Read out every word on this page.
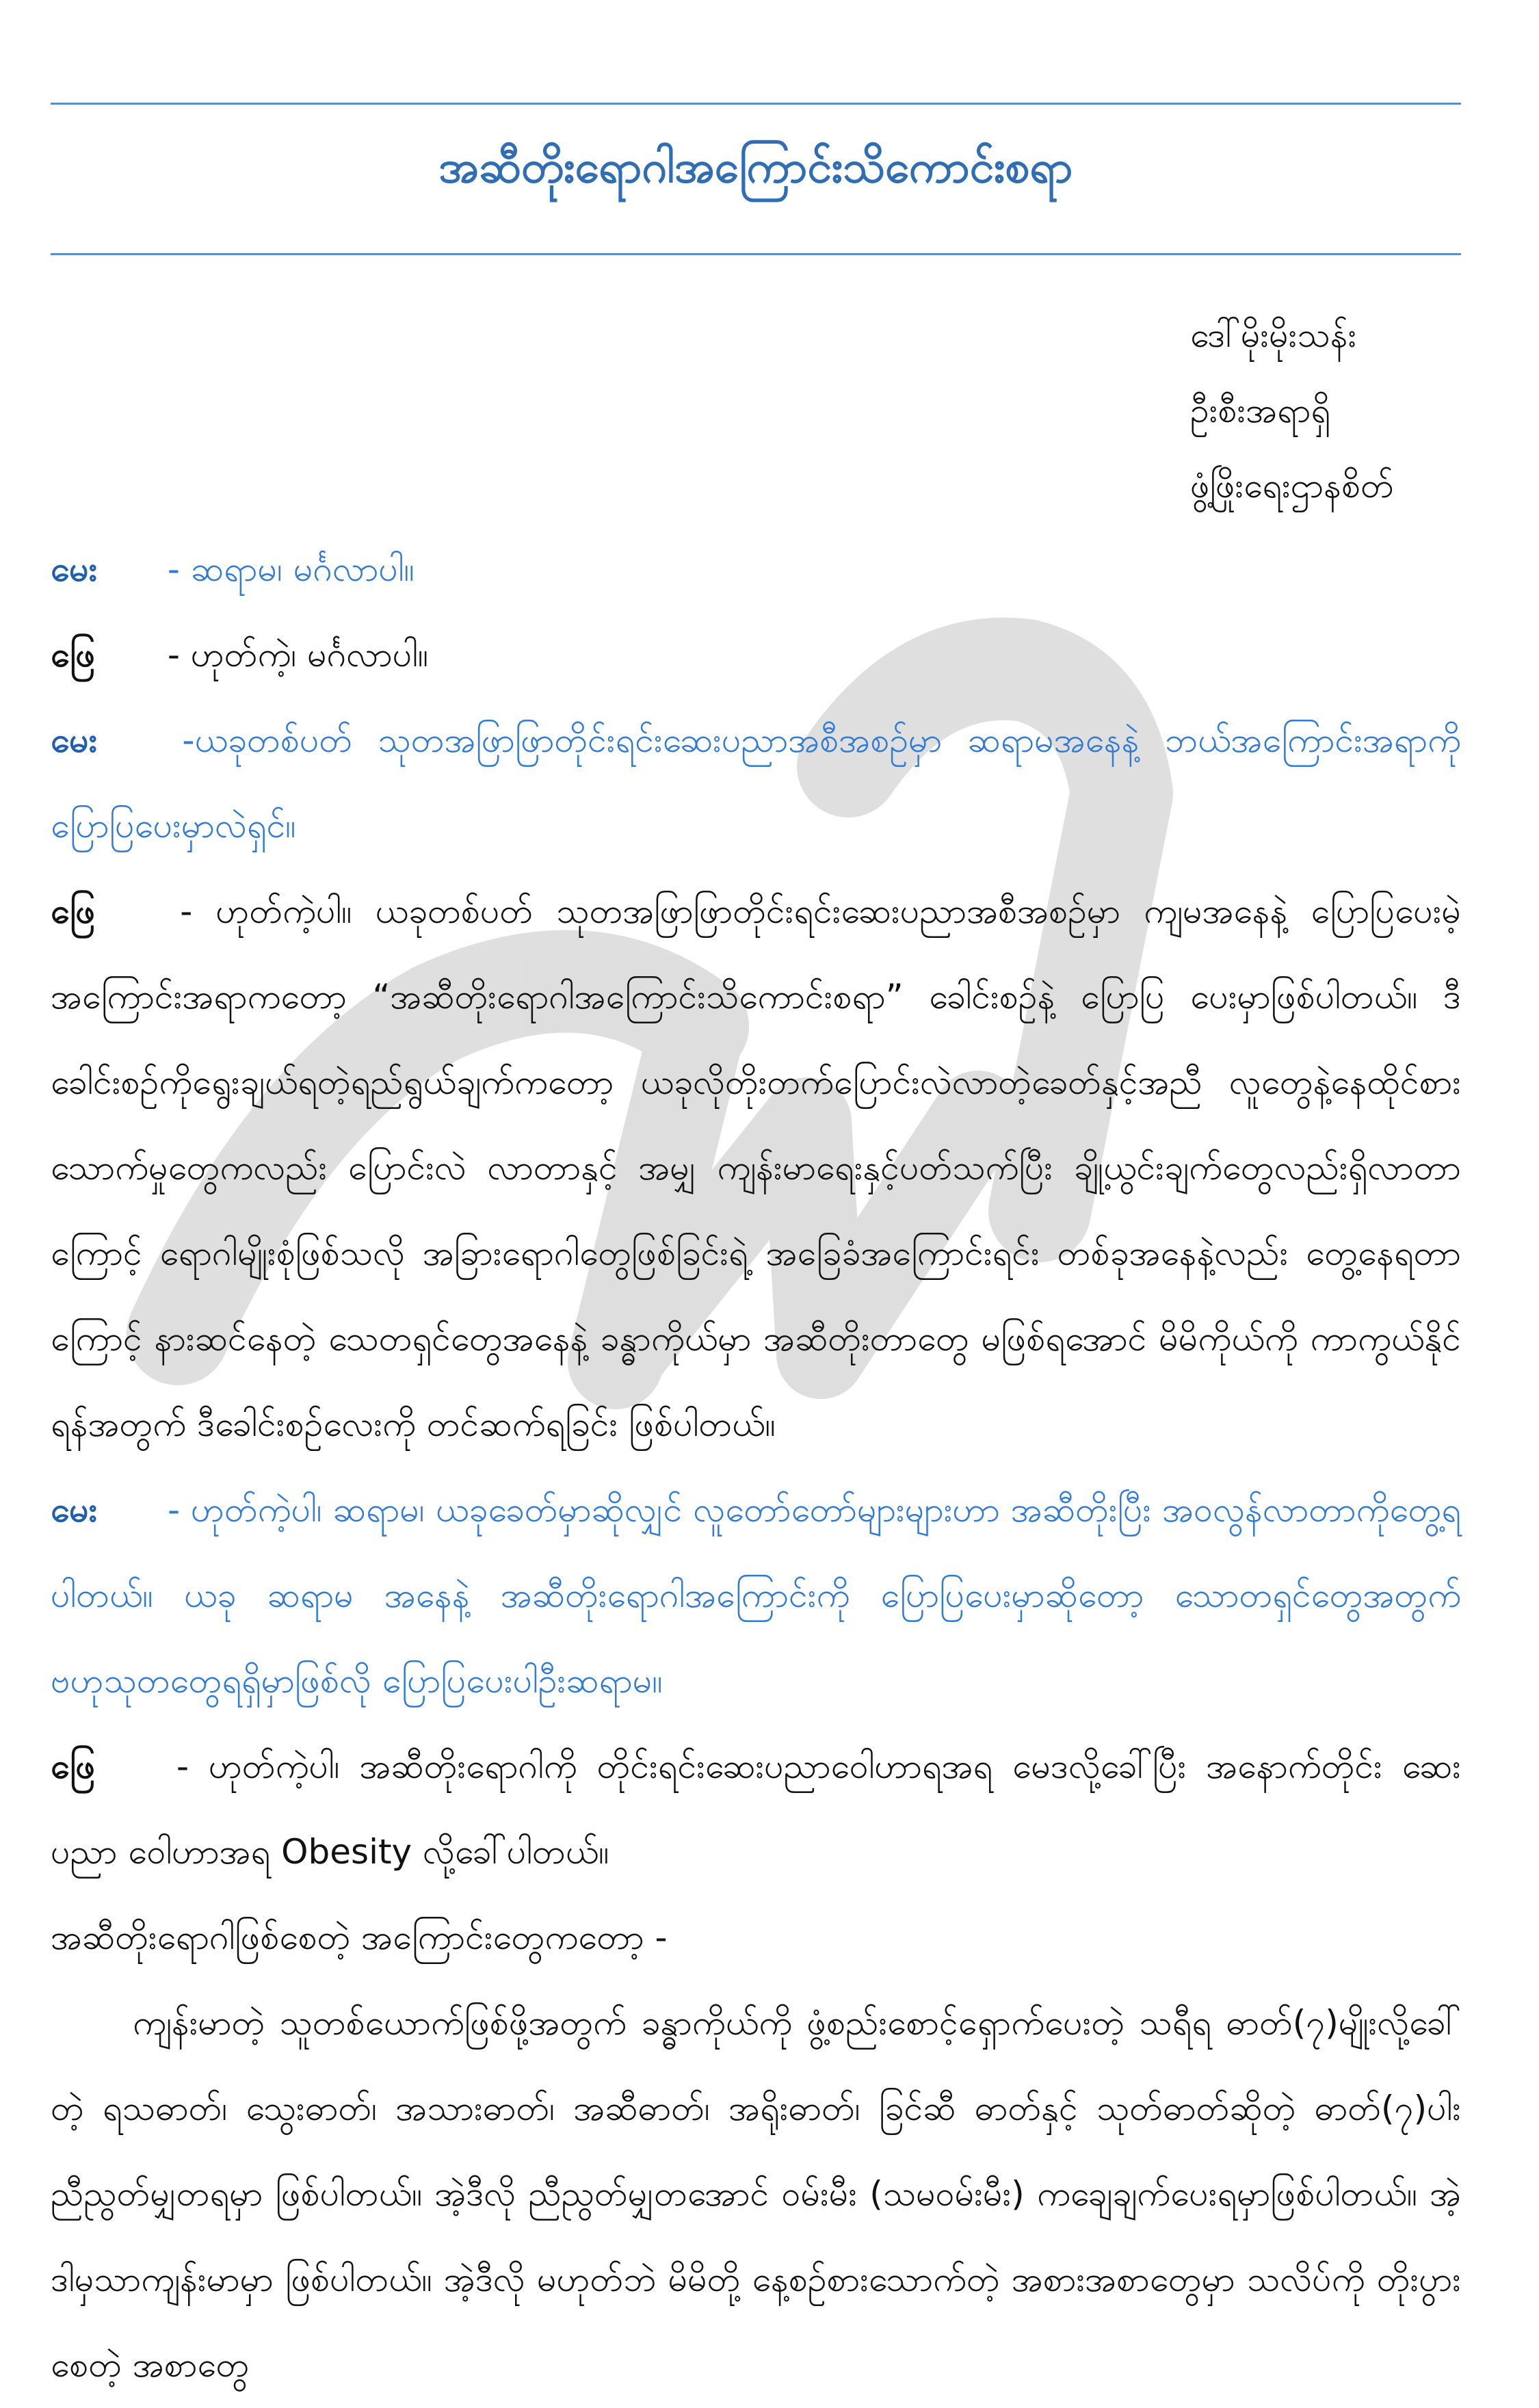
အဆီတိုးရောဂါအကြောင်းသိကောင်းစရာ
ဒေါ်မိုးမိုးသန်း
ဦးစီးအရာရှိ
ဖွံ့ဖြိုးရေးဌာနစိတ်

မေး - ဆရာမ၊ မင်္ဂလာပါ။

ဖြေ - ဟုတ်ကဲ့၊ မင်္ဂလာပါ။

မေး -ယခုတစ်ပတ် သုတအဖြာဖြာတိုင်းရင်းဆေးပညာအစီအစဉ်မှာ ဆရာမအနေနဲ့ ဘယ်အကြောင်းအရာကို ပြောပြပေးမှာလဲရှင်။

ဖြေ - ဟုတ်ကဲ့ပါ။ ယခုတစ်ပတ် သုတအဖြာဖြာတိုင်းရင်းဆေးပညာအစီအစဉ်မှာ ကျမအနေနဲ့ ပြောပြပေးမဲ့ အကြောင်းအရာကတော့ “အဆီတိုးရောဂါအကြောင်းသိကောင်းစရာ” ခေါင်းစဉ်နဲ့ ပြောပြ ပေးမှာဖြစ်ပါတယ်။ ဒီခေါင်းစဉ်ကိုရွေးချယ်ရတဲ့ရည်ရွယ်ချက်ကတော့ ယခုလိုတိုးတက်ပြောင်းလဲလာတဲ့ခေတ်နှင့်အညီ လူတွေနဲ့နေထိုင်စားသောက်မှုတွေကလည်း ပြောင်းလဲ လာတာနှင့် အမျှ ကျန်းမာရေးနှင့်ပတ်သက်ပြီး ချို့ယွင်းချက်တွေလည်းရှိလာတာကြောင့် ရောဂါမျိုးစုံဖြစ်သလို အခြားရောဂါတွေဖြစ်ခြင်းရဲ့ အခြေခံအကြောင်းရင်း တစ်ခုအနေနဲ့လည်း တွေ့နေရတာကြောင့် နားဆင်နေတဲ့ သေတရှင်တွေအနေနဲ့ ခန္ဓာကိုယ်မှာ အဆီတိုးတာတွေ မဖြစ်ရအောင် မိမိကိုယ်ကို ကာကွယ်နိုင်ရန်အတွက် ဒီခေါင်းစဉ်လေးကို တင်ဆက်ရခြင်း ဖြစ်ပါတယ်။

မေး - ဟုတ်ကဲ့ပါ၊ ဆရာမ၊ ယခုခေတ်မှာဆိုလျှင် လူတော်တော်များများဟာ အဆီတိုးပြီး အဝလွန်လာတာကိုတွေ့ရပါတယ်။ ယခု ဆရာမ အနေနဲ့ အဆီတိုးရောဂါအကြောင်းကို ပြောပြပေးမှာဆိုတော့ သောတရှင်တွေအတွက် ဗဟုသုတတွေရရှိမှာဖြစ်လို ပြောပြပေးပါဦးဆရာမ။

ဖြေ - ဟုတ်ကဲ့ပါ၊ အဆီတိုးရောဂါကို တိုင်းရင်းဆေးပညာဝေါဟာရအရ မေဒလို့ခေါ်ပြီး အနောက်တိုင်း ဆေးပညာ ဝေါဟာအရ Obesity လို့ခေါ်ပါတယ်။

အဆီတိုးရောဂါဖြစ်စေတဲ့ အကြောင်းတွေကတော့ -

ကျန်းမာတဲ့ သူတစ်ယောက်ဖြစ်ဖို့အတွက် ခန္ဓာကိုယ်ကို ဖွံ့စည်းစောင့်ရှောက်ပေးတဲ့ သရီရ ဓာတ်(၇)မျိုးလို့ခေါ်တဲ့ ရသဓာတ်၊ သွေးဓာတ်၊ အသားဓာတ်၊ အဆီဓာတ်၊ အရိုးဓာတ်၊ ခြင်ဆီ ဓာတ်နှင့် သုတ်ဓာတ်ဆိုတဲ့ ဓာတ်(၇)ပါး ညီညွတ်မျှတရမှာ ဖြစ်ပါတယ်။ အဲ့ဒီလို ညီညွတ်မျှတအောင် ဝမ်းမီး (သမဝမ်းမီး) ကချေချက်ပေးရမှာဖြစ်ပါတယ်။ အဲ့ဒါမှသာကျန်းမာမှာ ဖြစ်ပါတယ်။ အဲ့ဒီလို မဟုတ်ဘဲ မိမိတို့ နေ့စဉ်စားသောက်တဲ့ အစားအစာတွေမှာ သလိပ်ကို တိုးပွားစေတဲ့ အစာတွေ
